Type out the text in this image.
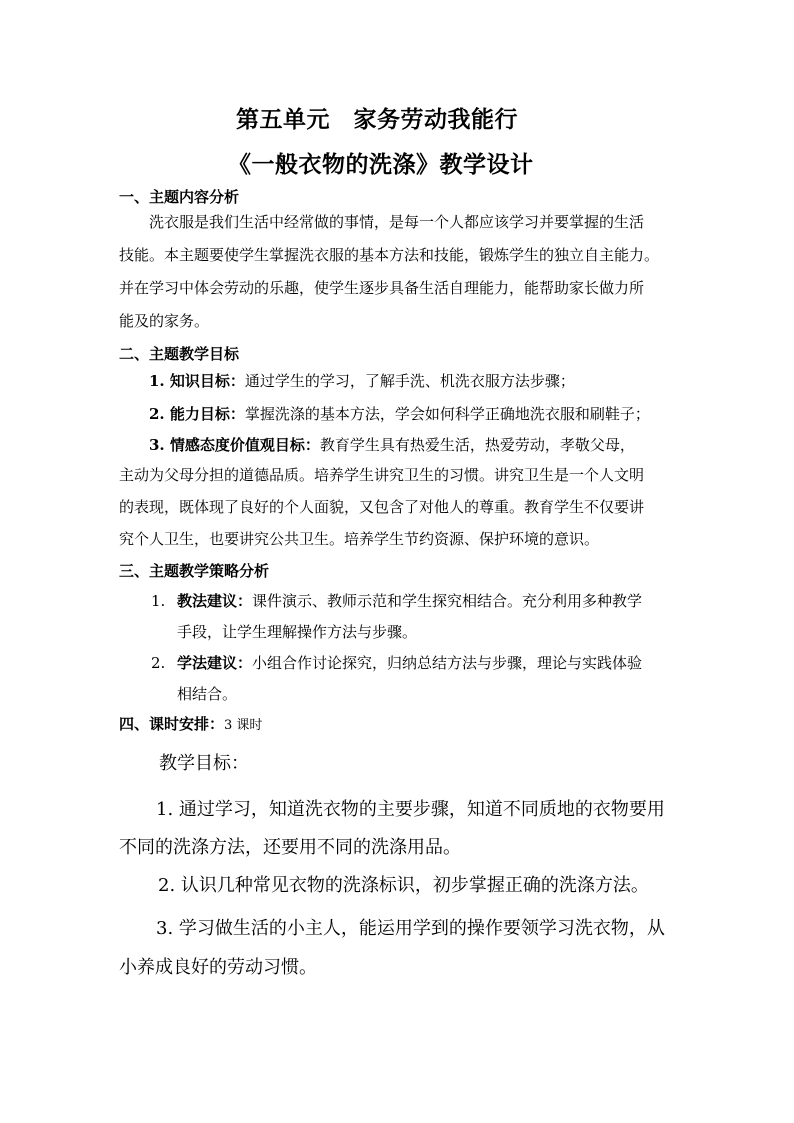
第五单元　家务劳动我能行
《一般衣物的洗涤》教学设计
一、主题内容分析
洗衣服是我们生活中经常做的事情，是每一个人都应该学习并要掌握的生活
技能。本主题要使学生掌握洗衣服的基本方法和技能，锻炼学生的独立自主能力。
并在学习中体会劳动的乐趣，使学生逐步具备生活自理能力，能帮助家长做力所
能及的家务。
二、主题教学目标
1. 知识目标：通过学生的学习，了解手洗、机洗衣服方法步骤；
2. 能力目标：掌握洗涤的基本方法，学会如何科学正确地洗衣服和刷鞋子；
3. 情感态度价值观目标：教育学生具有热爱生活，热爱劳动，孝敬父母，
主动为父母分担的道德品质。培养学生讲究卫生的习惯。讲究卫生是一个人文明
的表现，既体现了良好的个人面貌，又包含了对他人的尊重。教育学生不仅要讲
究个人卫生，也要讲究公共卫生。培养学生节约资源、保护环境的意识。
三、主题教学策略分析
1. 教法建议：课件演示、教师示范和学生探究相结合。充分利用多种教学
手段，让学生理解操作方法与步骤。
2. 学法建议：小组合作讨论探究，归纳总结方法与步骤，理论与实践体验
相结合。
四、课时安排：3 课时
教学目标：
1. 通过学习，知道洗衣物的主要步骤，知道不同质地的衣物要用
不同的洗涤方法，还要用不同的洗涤用品。
2. 认识几种常见衣物的洗涤标识，初步掌握正确的洗涤方法。
3. 学习做生活的小主人，能运用学到的操作要领学习洗衣物，从
小养成良好的劳动习惯。
